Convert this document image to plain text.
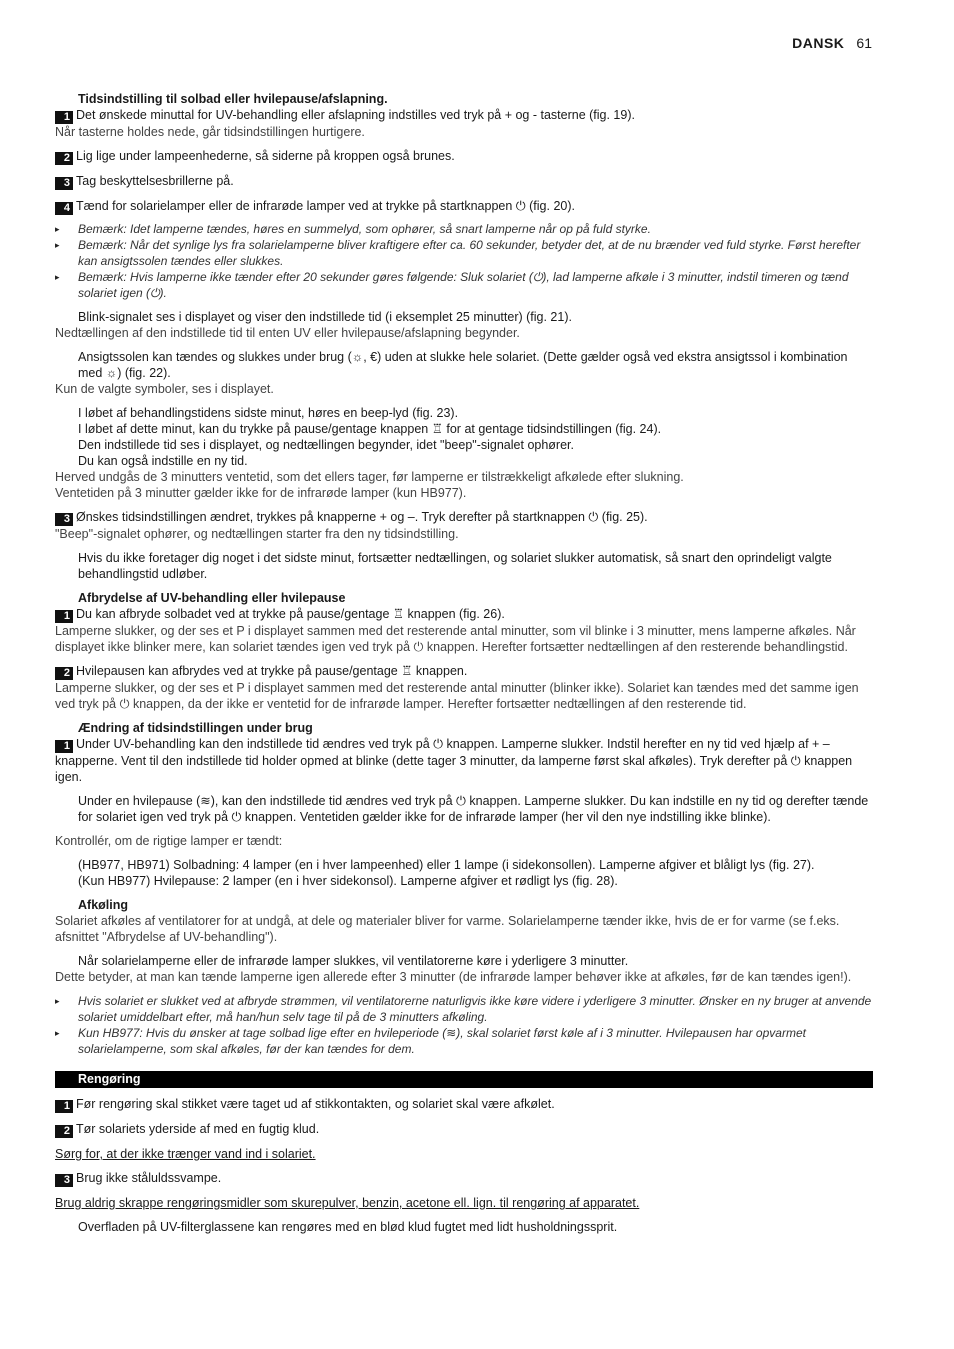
DANSK 61

Tidsindstilling til solbad eller hvilepause/afslapning.

1 Det ønskede minuttal for UV-behandling eller afslapning indstilles ved tryk på + og - tasterne (fig. 19).

Når tasterne holdes nede, går tidsindstillingen hurtigere.

2 Lig lige under lampeenhederne, så siderne på kroppen også brunes.

3 Tag beskyttelsesbrillerne på.

4 Tænd for solarielamper eller de infrarøde lamper ved at trykke på startknappen ⏻ (fig. 20).

▸ Bemærk: Idet lamperne tændes, høres en summelyd, som ophører, så snart lamperne når op på fuld styrke.

▸ Bemærk: Når det synlige lys fra solarielamperne bliver kraftigere efter ca. 60 sekunder, betyder det, at de nu brænder ved fuld styrke. Først herefter kan ansigtssolen tændes eller slukkes.

▸ Bemærk: Hvis lamperne ikke tænder efter 20 sekunder gøres følgende: Sluk solariet (⏻), lad lamperne afkøle i 3 minutter, indstil timeren og tænd solariet igen (⏻).

Blink-signalet ses i displayet og viser den indstillede tid (i eksemplet 25 minutter) (fig. 21).

Nedtællingen af den indstillede tid til enten UV eller hvilepause/afslapning begynder.

Ansigtssolen kan tændes og slukkes under brug (☼, €) uden at slukke hele solariet. (Dette gælder også ved ekstra ansigtssol i kombination med ☼) (fig. 22).

Kun de valgte symboler, ses i displayet.

I løbet af behandlingstidens sidste minut, høres en beep-lyd (fig. 23).

I løbet af dette minut, kan du trykke på pause/gentage knappen ♖ for at gentage tidsindstillingen (fig. 24).

Den indstillede tid ses i displayet, og nedtællingen begynder, idet "beep"-signalet ophører.

Du kan også indstille en ny tid.

Herved undgås de 3 minutters ventetid, som det ellers tager, før lamperne er tilstrækkeligt afkølede efter slukning.

Ventetiden på 3 minutter gælder ikke for de infrarøde lamper (kun HB977).

3 Ønskes tidsindstillingen ændret, trykkes på knapperne + og –. Tryk derefter på startknappen ⏻ (fig. 25).

"Beep"-signalet ophører, og nedtællingen starter fra den ny tidsindstilling.

Hvis du ikke foretager dig noget i det sidste minut, fortsætter nedtællingen, og solariet slukker automatisk, så snart den oprindeligt valgte behandlingstid udløber.

Afbrydelse af UV-behandling eller hvilepause

1 Du kan afbryde solbadet ved at trykke på pause/gentage ♖ knappen (fig. 26).

Lamperne slukker, og der ses et P i displayet sammen med det resterende antal minutter, som vil blinke i 3 minutter, mens lamperne afkøles. Når displayet ikke blinker mere, kan solariet tændes igen ved tryk på ⏻ knappen. Herefter fortsætter nedtællingen af den resterende behandlingstid.

2 Hvilepausen kan afbrydes ved at trykke på pause/gentage ♖ knappen.

Lamperne slukker, og der ses et P i displayet sammen med det resterende antal minutter (blinker ikke). Solariet kan tændes med det samme igen ved tryk på ⏻ knappen, da der ikke er ventetid for de infrarøde lamper. Herefter fortsætter nedtællingen af den resterende tid.

Ændring af tidsindstillingen under brug

1 Under UV-behandling kan den indstillede tid ændres ved tryk på ⏻ knappen. Lamperne slukker. Indstil herefter en ny tid ved hjælp af + – knapperne. Vent til den indstillede tid holder opmed at blinke (dette tager 3 minutter, da lamperne først skal afkøles). Tryk derefter på ⏻ knappen igen.

Under en hvilepause (≋), kan den indstillede tid ændres ved tryk på ⏻ knappen. Lamperne slukker. Du kan indstille en ny tid og derefter tænde for solariet igen ved tryk på ⏻ knappen. Ventetiden gælder ikke for de infrarøde lamper (her vil den nye indstilling ikke blinke).

Kontrollér, om de rigtige lamper er tændt:

(HB977, HB971) Solbadning: 4 lamper (en i hver lampeenhed) eller 1 lampe (i sidekonsollen). Lamperne afgiver et blåligt lys (fig. 27).

(Kun HB977) Hvilepause: 2 lamper (en i hver sidekonsol). Lamperne afgiver et rødligt lys (fig. 28).

Afkøling

Solariet afkøles af ventilatorer for at undgå, at dele og materialer bliver for varme. Solarielamperne tænder ikke, hvis de er for varme (se f.eks. afsnittet "Afbrydelse af UV-behandling").

Når solarielamperne eller de infrarøde lamper slukkes, vil ventilatorerne køre i yderligere 3 minutter.

Dette betyder, at man kan tænde lamperne igen allerede efter 3 minutter (de infrarøde lamper behøver ikke at afkøles, før de kan tændes igen!).

▸ Hvis solariet er slukket ved at afbryde strømmen, vil ventilatorerne naturligvis ikke køre videre i yderligere 3 minutter. Ønsker en ny bruger at anvende solariet umiddelbart efter, må han/hun selv tage til på de 3 minutters afkøling.

▸ Kun HB977: Hvis du ønsker at tage solbad lige efter en hvileperiode (≋), skal solariet først køle af i 3 minutter. Hvilepausen har opvarmet solarielamperne, som skal afkøles, før der kan tændes for dem.

Rengøring

1 Før rengøring skal stikket være taget ud af stikkontakten, og solariet skal være afkølet.

2 Tør solariets yderside af med en fugtig klud.

Sørg for, at der ikke trænger vand ind i solariet.

3 Brug ikke ståluldssvampe.

Brug aldrig skrappe rengøringsmidler som skurepulver, benzin, acetone ell. lign. til rengøring af apparatet.

Overfladen på UV-filterglassene kan rengøres med en blød klud fugtet med lidt husholdningssprit.
